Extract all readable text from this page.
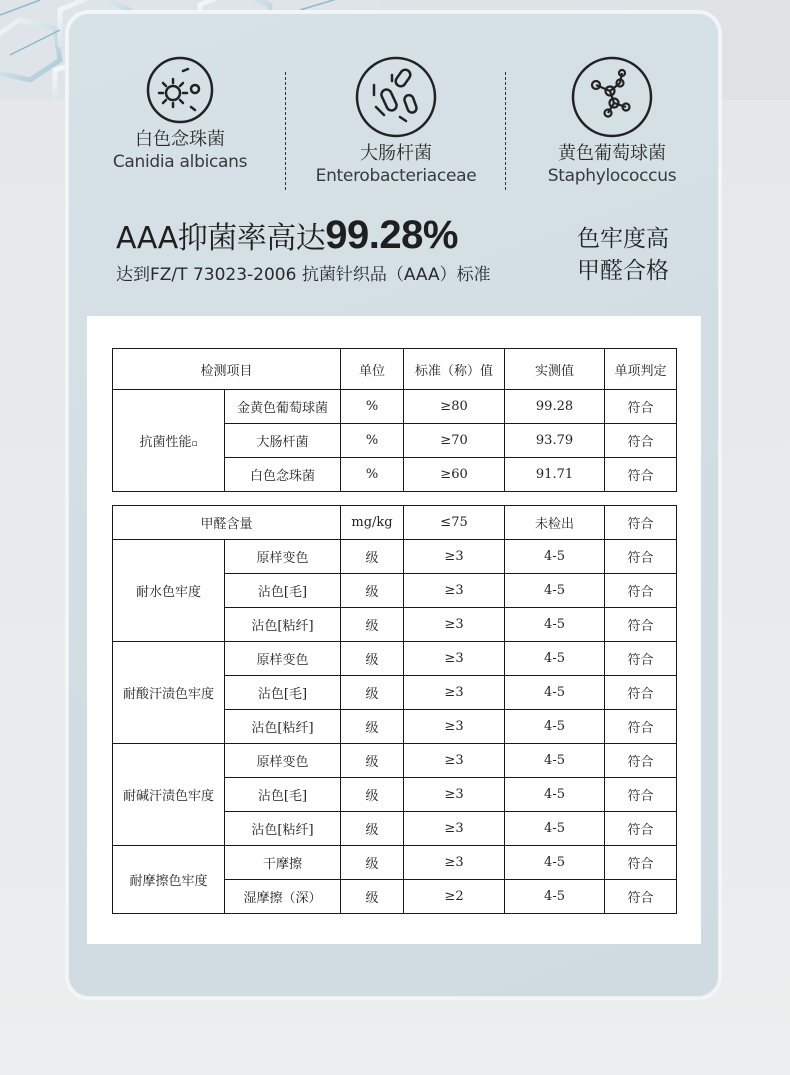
白色念珠菌
Canidia albicans	大肠杆菌
Enterobacteriaceae
黄色葡萄球菌
Staphylococcus
AAA抑菌率高达99.28%
达到FZ/T 73023-2006 抗菌针织品（AAA）标准
色牢度高
甲醛合格
检测项目		单位	标准（称）值	实测值	单项判定
抗菌性能▫	金黄色葡萄球菌	%	≥80	99.28	符合
	大肠杆菌	%	≥70	93.79	符合
	白色念珠菌	%	≥60	91.71	符合
甲醛含量		mg/kg	≤75	未检出	符合
耐水色牢度	原样变色	级	≥3	4-5	符合
	沾色[毛]	级	≥3	4-5	符合
	沾色[粘纤]	级	≥3	4-5	符合
耐酸汗渍色牢度	原样变色	级	≥3	4-5	符合
	沾色[毛]	级	≥3	4-5	符合
	沾色[粘纤]	级	≥3	4-5	符合
耐碱汗渍色牢度	原样变色	级	≥3	4-5	符合
	沾色[毛]	级	≥3	4-5	符合
	沾色[粘纤]	级	≥3	4-5	符合
耐摩擦色牢度	干摩擦	级	≥3	4-5	符合
	湿摩擦（深）	级	≥2	4-5	符合
